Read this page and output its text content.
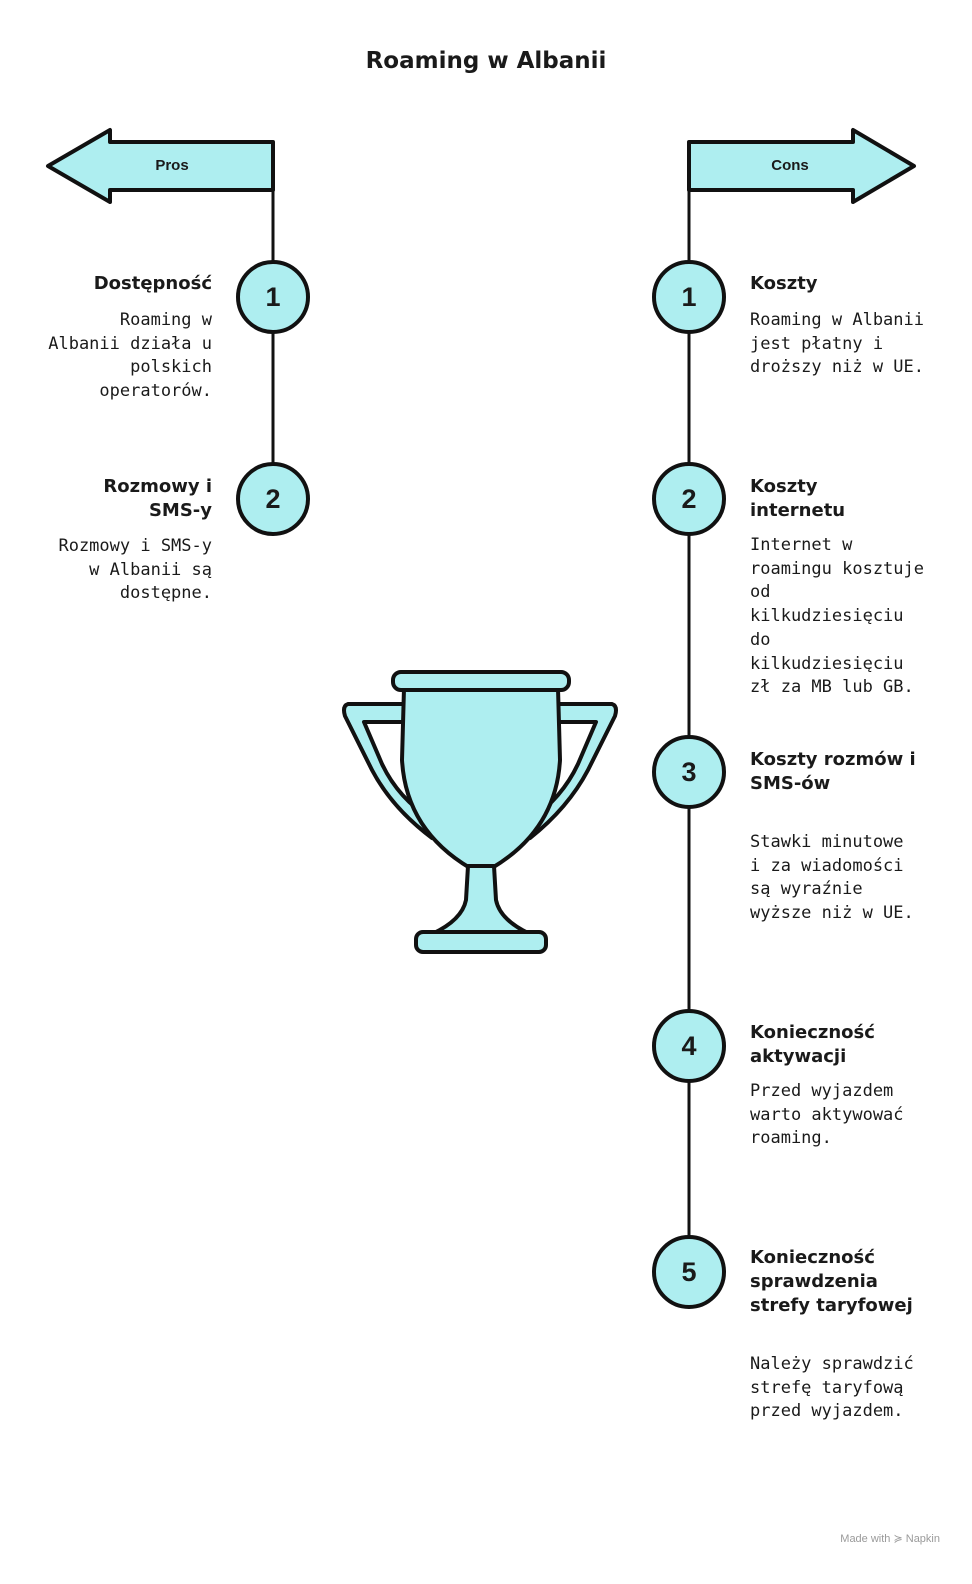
Roaming w Albanii
Pros	Cons
1
2
1
2
3
4
5
Dostępność
Roaming w Albanii działa u polskich operatorów.
Rozmowy i SMS-y
Rozmowy i SMS-y w Albanii są dostępne.
Koszty
Roaming w Albanii jest płatny i droższy niż w UE.
Koszty internetu
Internet w roamingu kosztuje od kilkudziesięciu do kilkudziesięciu zł za MB lub GB.
Koszty rozmów i SMS-ów
Stawki minutowe i za wiadomości są wyraźnie wyższe niż w UE.
Konieczność aktywacji
Przed wyjazdem warto aktywować roaming.
Konieczność sprawdzenia strefy taryfowej
Należy sprawdzić strefę taryfową przed wyjazdem.
Made with ≽ Napkin
